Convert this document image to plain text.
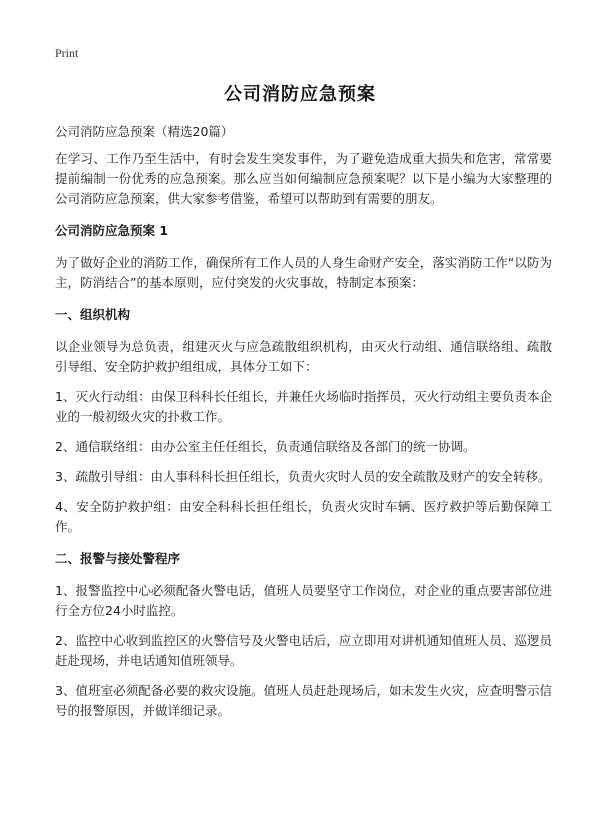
Print
公司消防应急预案
公司消防应急预案（精选20篇）

在学习、工作乃至生活中，有时会发生突发事件，为了避免造成重大损失和危害，常常要提前编制一份优秀的应急预案。那么应当如何编制应急预案呢？以下是小编为大家整理的公司消防应急预案，供大家参考借鉴，希望可以帮助到有需要的朋友。

公司消防应急预案 1

为了做好企业的消防工作，确保所有工作人员的人身生命财产安全，落实消防工作“以防为主，防消结合”的基本原则，应付突发的火灾事故，特制定本预案：

一、组织机构

以企业领导为总负责，组建灭火与应急疏散组织机构，由灭火行动组、通信联络组、疏散引导组、安全防护救护组组成，具体分工如下：

1、灭火行动组：由保卫科科长任组长，并兼任火场临时指挥员，灭火行动组主要负责本企业的一般初级火灾的扑救工作。

2、通信联络组：由办公室主任任组长，负责通信联络及各部门的统一协调。

3、疏散引导组：由人事科科长担任组长，负责火灾时人员的安全疏散及财产的安全转移。

4、安全防护救护组：由安全科科长担任组长，负责火灾时车辆、医疗救护等后勤保障工作。

二、报警与接处警程序

1、报警监控中心必须配备火警电话，值班人员要坚守工作岗位，对企业的重点要害部位进行全方位24小时监控。

2、监控中心收到监控区的火警信号及火警电话后，应立即用对讲机通知值班人员、巡逻员赶赴现场，并电话通知值班领导。

3、值班室必须配备必要的救灾设施。值班人员赶赴现场后，如未发生火灾，应查明警示信号的报警原因，并做详细记录。
